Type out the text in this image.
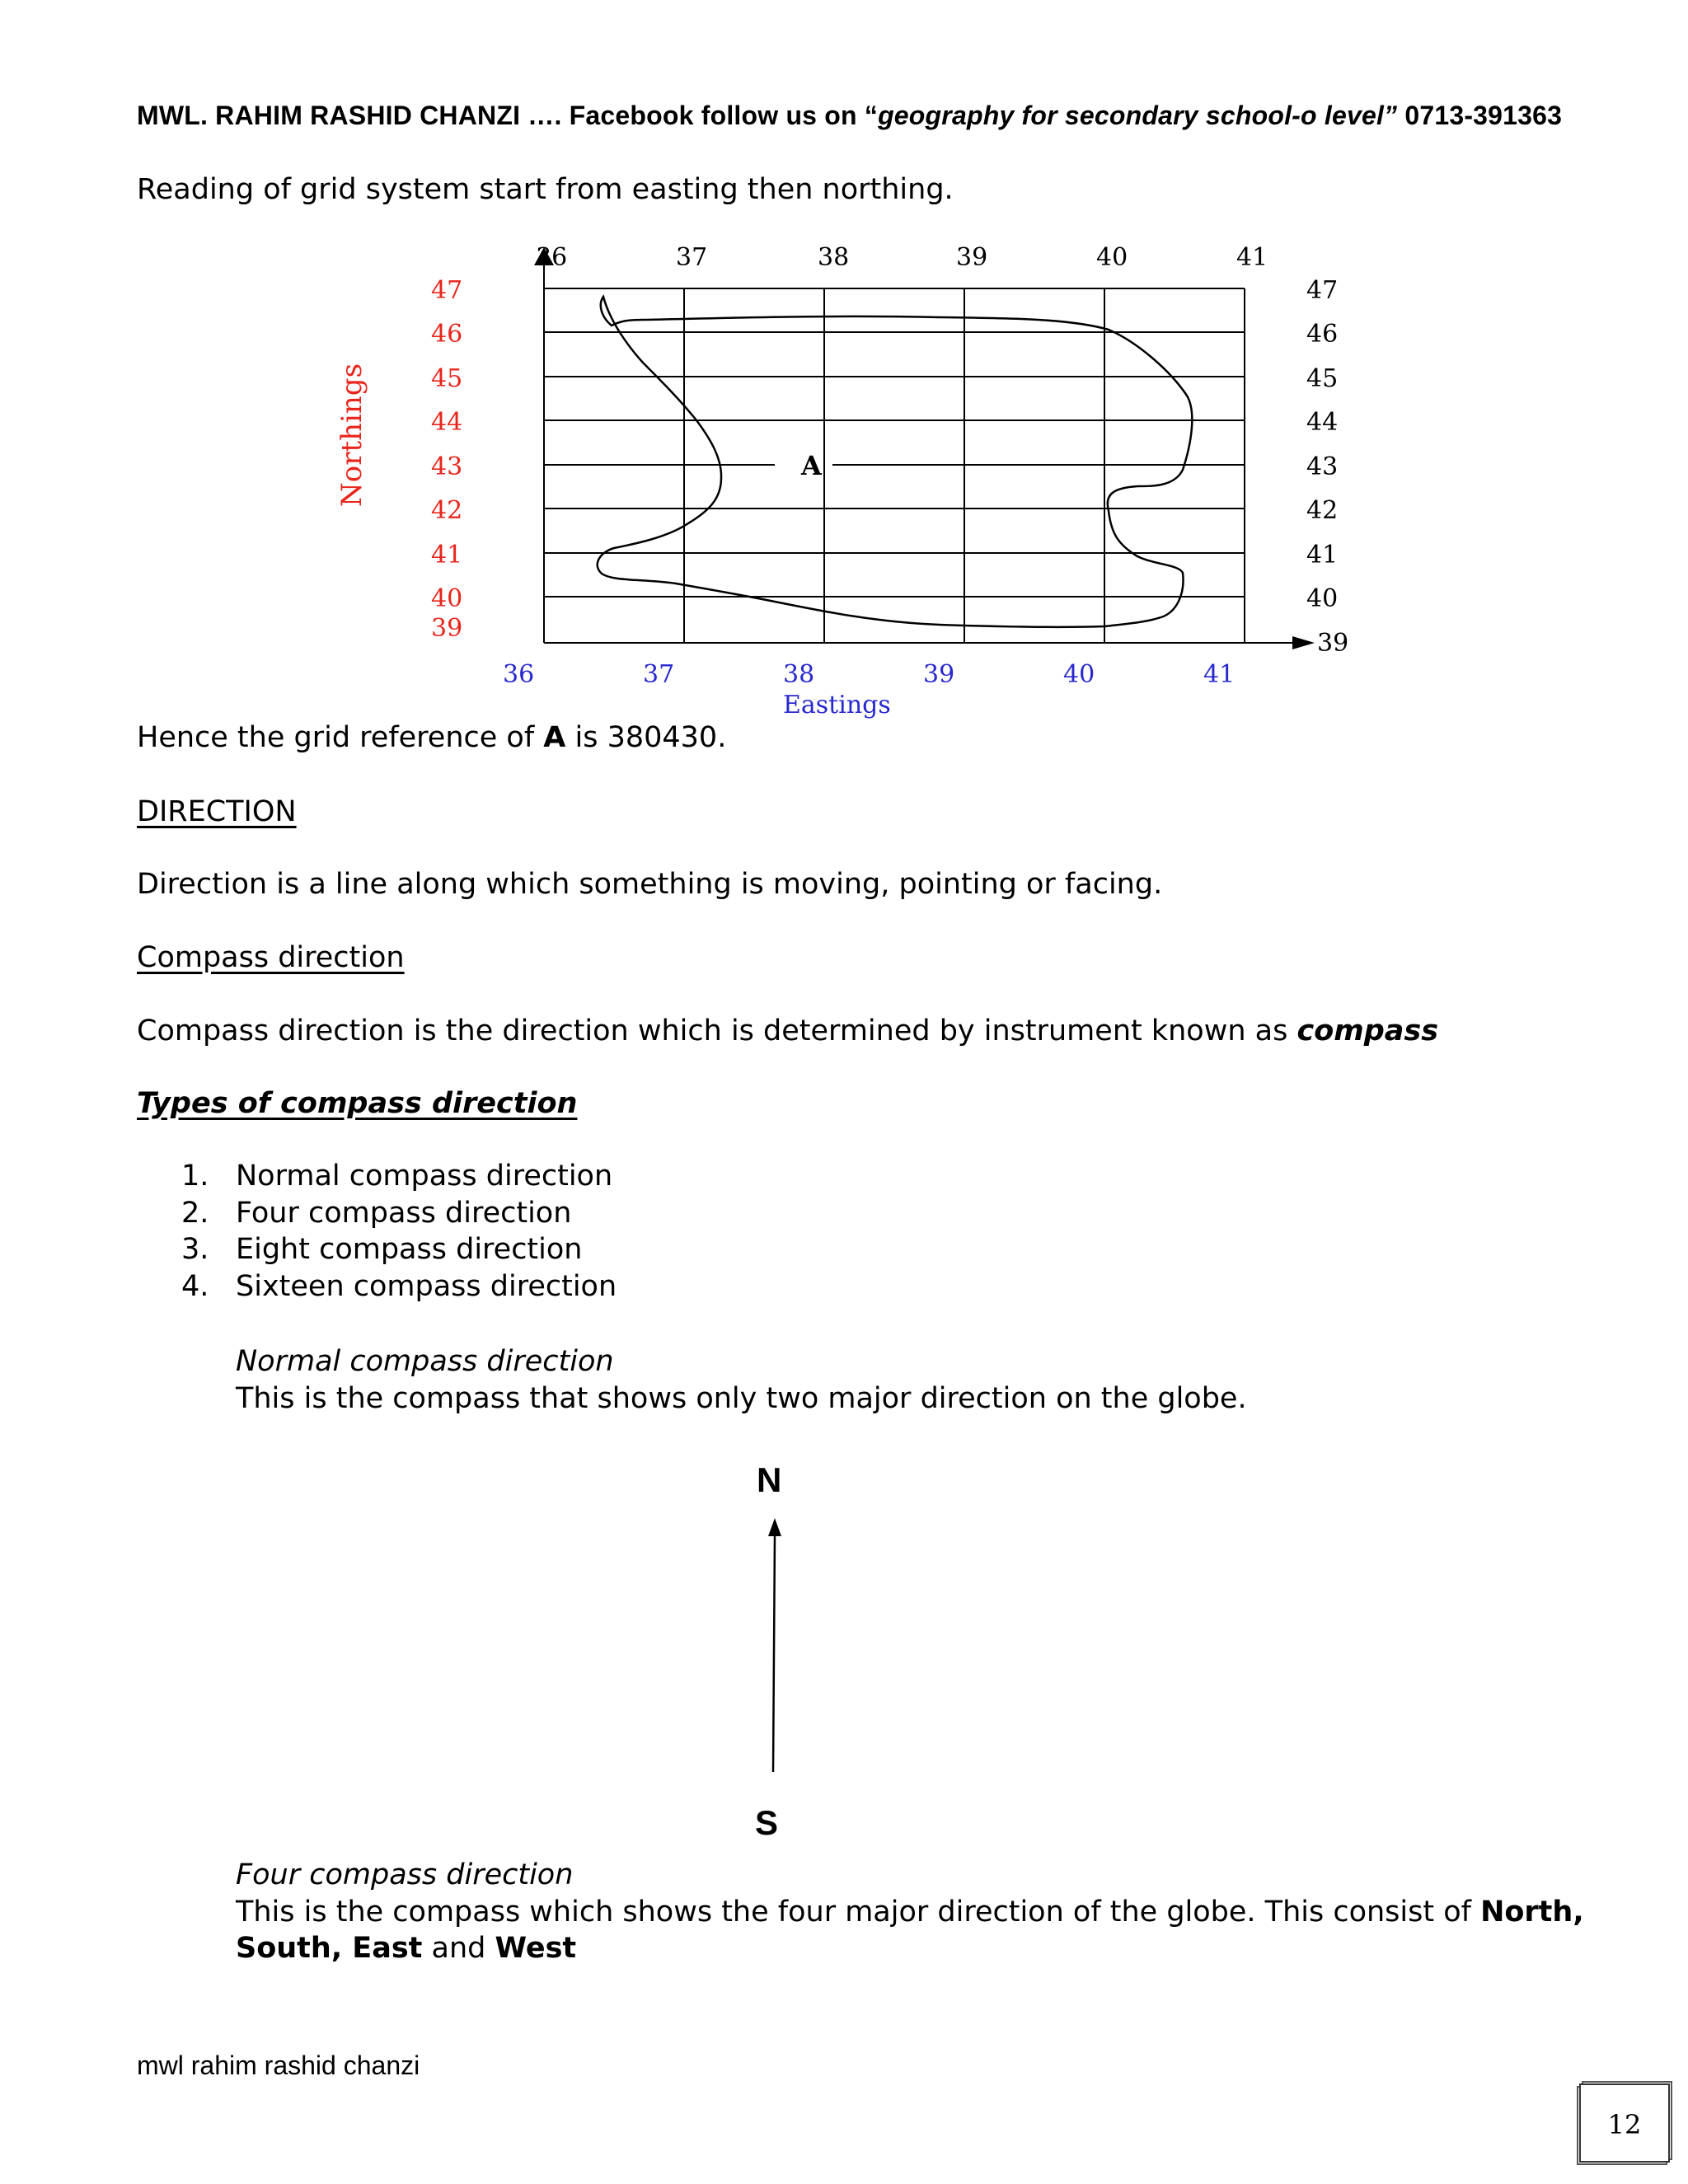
MWL. RAHIM RASHID CHANZI …. Facebook follow us on “geography for secondary school-o level” 0713-391363
Reading of grid system start from easting then northing.
A
36	37	38	39	40	41
47
46
45
44
43
42
41
40
39
47
46
45
44
43
42
41
40
39
36	37	38	39	40	41
Eastings
Northings
Hence the grid reference of A is 380430.
DIRECTION
Direction is a line along which something is moving, pointing or facing.
Compass direction
Compass direction is the direction which is determined by instrument known as compass
Types of compass direction
1. Normal compass direction
2. Four compass direction
3. Eight compass direction
4. Sixteen compass direction
Normal compass direction
This is the compass that shows only two major direction on the globe.
N
S
Four compass direction
This is the compass which shows the four major direction of the globe. This consist of North,
South, East and West
mwl rahim rashid chanzi
12
